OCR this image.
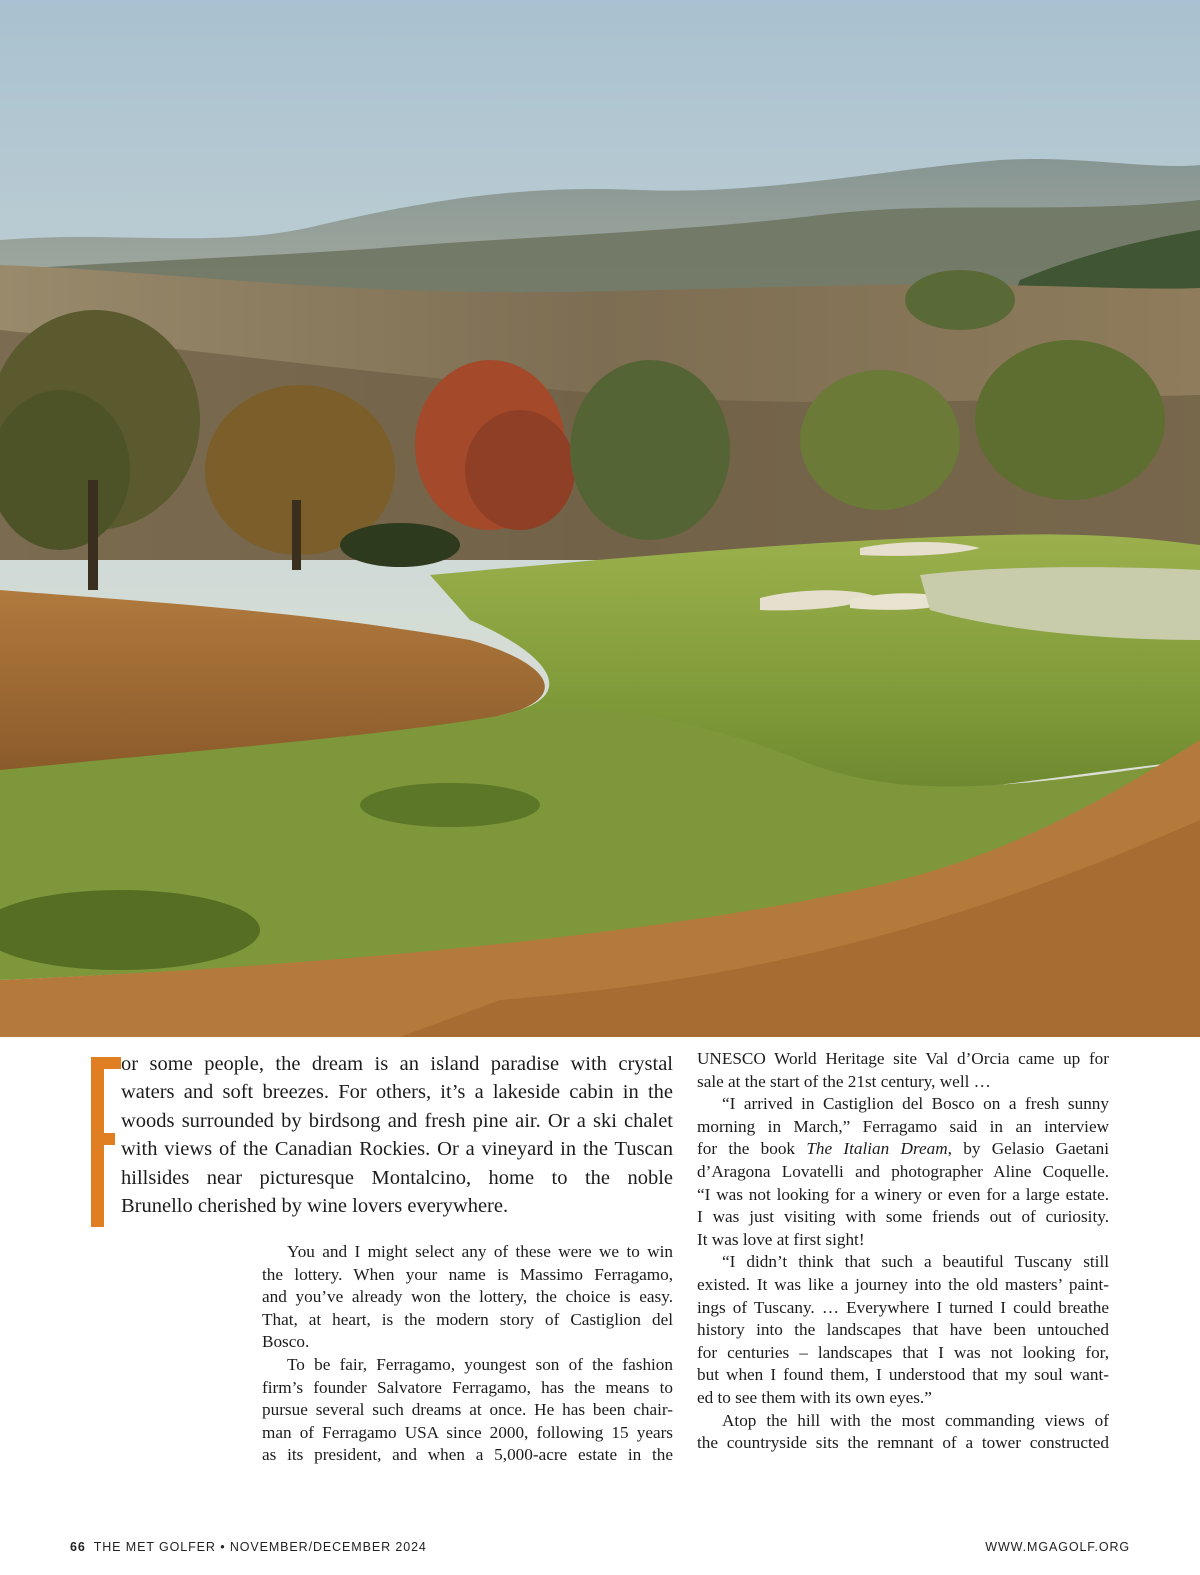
or some people, the dream is an island paradise with crystal
waters and soft breezes. For others, it’s a lakeside cabin in the
woods surrounded by birdsong and fresh pine air. Or a ski chalet
with views of the Canadian Rockies. Or a vineyard in the Tuscan
hillsides near picturesque Montalcino, home to the noble
Brunello cherished by wine lovers everywhere.

You and I might select any of these were we to win
the lottery. When your name is Massimo Ferragamo,
and you’ve already won the lottery, the choice is easy.
That, at heart, is the modern story of Castiglion del
Bosco.
To be fair, Ferragamo, youngest son of the fashion
firm’s founder Salvatore Ferragamo, has the means to
pursue several such dreams at once. He has been chair-
man of Ferragamo USA since 2000, following 15 years
as its president, and when a 5,000-acre estate in the
UNESCO World Heritage site Val d’Orcia came up for
sale at the start of the 21st century, well …
“I arrived in Castiglion del Bosco on a fresh sunny
morning in March,” Ferragamo said in an interview
for the book The Italian Dream, by Gelasio Gaetani
d’Aragona Lovatelli and photographer Aline Coquelle.
“I was not looking for a winery or even for a large estate.
I was just visiting with some friends out of curiosity.
It was love at first sight!
“I didn’t think that such a beautiful Tuscany still
existed. It was like a journey into the old masters’ paint-
ings of Tuscany. … Everywhere I turned I could breathe
history into the landscapes that have been untouched
for centuries – landscapes that I was not looking for,
but when I found them, I understood that my soul want-
ed to see them with its own eyes.”
Atop the hill with the most commanding views of
the countryside sits the remnant of a tower constructed
66 THE MET GOLFER • NOVEMBER/DECEMBER 2024	WWW.MGAGOLF.ORG
